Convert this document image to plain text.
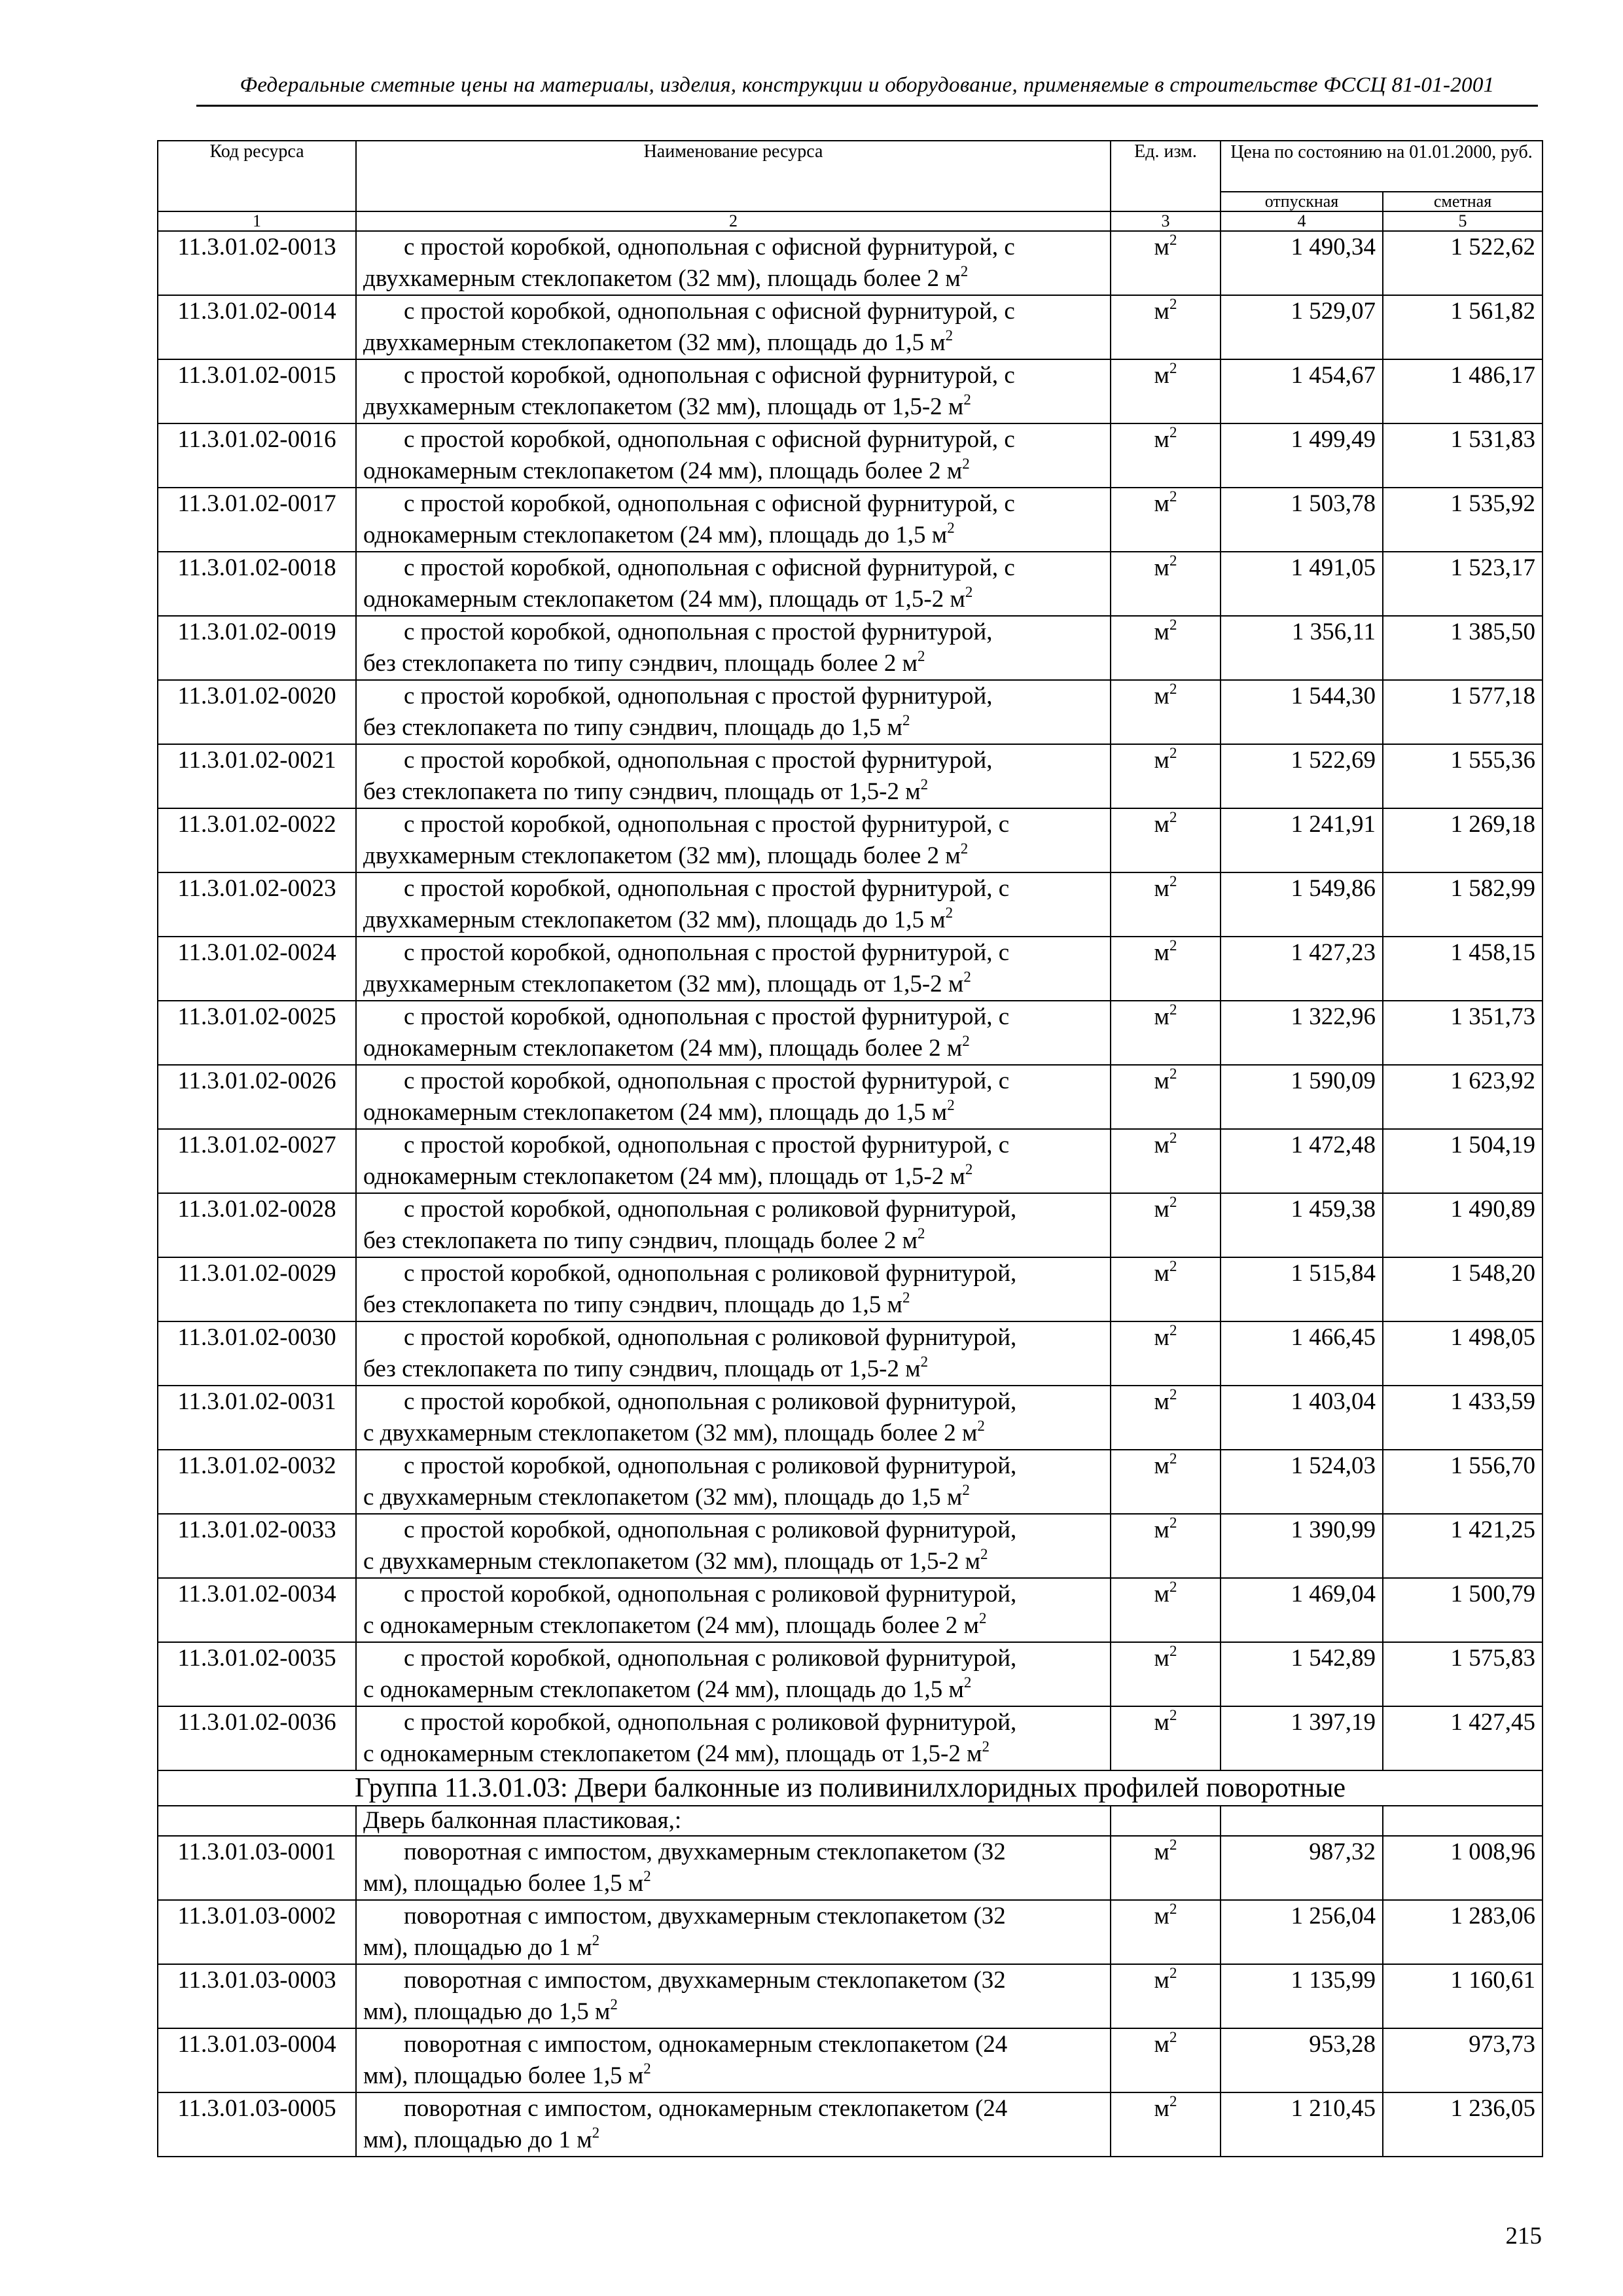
Федеральные сметные цены на материалы, изделия, конструкции и оборудование, применяемые в строительстве ФССЦ 81-01-2001
Код ресурса	Наименование ресурса	Ед. изм.	Цена по состоянию на 01.01.2000, руб.	
			отпускная	сметная
1	2	3	4	5
11.3.01.02-0013	с простой коробкой, однопольная с офисной фурнитурой, с
двухкамерным стеклопакетом (32 мм), площадь более 2 $м^2$	$м^2$	1 490,34	1 522,62
11.3.01.02-0014	с простой коробкой, однопольная с офисной фурнитурой, с
двухкамерным стеклопакетом (32 мм), площадь до 1,5 $м^2$	$м^2$	1 529,07	1 561,82
11.3.01.02-0015	с простой коробкой, однопольная с офисной фурнитурой, с
двухкамерным стеклопакетом (32 мм), площадь от 1,5-2 $м^2$	$м^2$	1 454,67	1 486,17
11.3.01.02-0016	с простой коробкой, однопольная с офисной фурнитурой, с
однокамерным стеклопакетом (24 мм), площадь более 2 $м^2$	$м^2$	1 499,49	1 531,83
11.3.01.02-0017	с простой коробкой, однопольная с офисной фурнитурой, с
однокамерным стеклопакетом (24 мм), площадь до 1,5 $м^2$	$м^2$	1 503,78	1 535,92
11.3.01.02-0018	с простой коробкой, однопольная с офисной фурнитурой, с
однокамерным стеклопакетом (24 мм), площадь от 1,5-2 $м^2$	$м^2$	1 491,05	1 523,17
11.3.01.02-0019	с простой коробкой, однопольная с простой фурнитурой,
без стеклопакета по типу сэндвич, площадь более 2 $м^2$	$м^2$	1 356,11	1 385,50
11.3.01.02-0020	с простой коробкой, однопольная с простой фурнитурой,
без стеклопакета по типу сэндвич, площадь до 1,5 $м^2$	$м^2$	1 544,30	1 577,18
11.3.01.02-0021	с простой коробкой, однопольная с простой фурнитурой,
без стеклопакета по типу сэндвич, площадь от 1,5-2 $м^2$	$м^2$	1 522,69	1 555,36
11.3.01.02-0022	с простой коробкой, однопольная с простой фурнитурой, с
двухкамерным стеклопакетом (32 мм), площадь более 2 $м^2$	$м^2$	1 241,91	1 269,18
11.3.01.02-0023	с простой коробкой, однопольная с простой фурнитурой, с
двухкамерным стеклопакетом (32 мм), площадь до 1,5 $м^2$	$м^2$	1 549,86	1 582,99
11.3.01.02-0024	с простой коробкой, однопольная с простой фурнитурой, с
двухкамерным стеклопакетом (32 мм), площадь от 1,5-2 $м^2$	$м^2$	1 427,23	1 458,15
11.3.01.02-0025	с простой коробкой, однопольная с простой фурнитурой, с
однокамерным стеклопакетом (24 мм), площадь более 2 $м^2$	$м^2$	1 322,96	1 351,73
11.3.01.02-0026	с простой коробкой, однопольная с простой фурнитурой, с
однокамерным стеклопакетом (24 мм), площадь до 1,5 $м^2$	$м^2$	1 590,09	1 623,92
11.3.01.02-0027	с простой коробкой, однопольная с простой фурнитурой, с
однокамерным стеклопакетом (24 мм), площадь от 1,5-2 $м^2$	$м^2$	1 472,48	1 504,19
11.3.01.02-0028	с простой коробкой, однопольная с роликовой фурнитурой,
без стеклопакета по типу сэндвич, площадь более 2 $м^2$	$м^2$	1 459,38	1 490,89
11.3.01.02-0029	с простой коробкой, однопольная с роликовой фурнитурой,
без стеклопакета по типу сэндвич, площадь до 1,5 $м^2$	$м^2$	1 515,84	1 548,20
11.3.01.02-0030	с простой коробкой, однопольная с роликовой фурнитурой,
без стеклопакета по типу сэндвич, площадь от 1,5-2 $м^2$	$м^2$	1 466,45	1 498,05
11.3.01.02-0031	с простой коробкой, однопольная с роликовой фурнитурой,
с двухкамерным стеклопакетом (32 мм), площадь более 2 $м^2$	$м^2$	1 403,04	1 433,59
11.3.01.02-0032	с простой коробкой, однопольная с роликовой фурнитурой,
с двухкамерным стеклопакетом (32 мм), площадь до 1,5 $м^2$	$м^2$	1 524,03	1 556,70
11.3.01.02-0033	с простой коробкой, однопольная с роликовой фурнитурой,
с двухкамерным стеклопакетом (32 мм), площадь от 1,5-2 $м^2$	$м^2$	1 390,99	1 421,25
11.3.01.02-0034	с простой коробкой, однопольная с роликовой фурнитурой,
с однокамерным стеклопакетом (24 мм), площадь более 2 $м^2$	$м^2$	1 469,04	1 500,79
11.3.01.02-0035	с простой коробкой, однопольная с роликовой фурнитурой,
с однокамерным стеклопакетом (24 мм), площадь до 1,5 $м^2$	$м^2$	1 542,89	1 575,83
11.3.01.02-0036	с простой коробкой, однопольная с роликовой фурнитурой,
с однокамерным стеклопакетом (24 мм), площадь от 1,5-2 $м^2$	$м^2$	1 397,19	1 427,45
Группа 11.3.01.03: Двери балконные из поливинилхлоридных профилей поворотные				
	Дверь балконная пластиковая,:			
11.3.01.03-0001	поворотная с импостом, двухкамерным стеклопакетом (32
мм), площадью более 1,5 $м^2$	$м^2$	987,32	1 008,96
11.3.01.03-0002	поворотная с импостом, двухкамерным стеклопакетом (32
мм), площадью до 1 $м^2$	$м^2$	1 256,04	1 283,06
11.3.01.03-0003	поворотная с импостом, двухкамерным стеклопакетом (32
мм), площадью до 1,5 $м^2$	$м^2$	1 135,99	1 160,61
11.3.01.03-0004	поворотная с импостом, однокамерным стеклопакетом (24
мм), площадью более 1,5 $м^2$	$м^2$	953,28	973,73
11.3.01.03-0005	поворотная с импостом, однокамерным стеклопакетом (24
мм), площадью до 1 $м^2$	$м^2$	1 210,45	1 236,05
215
